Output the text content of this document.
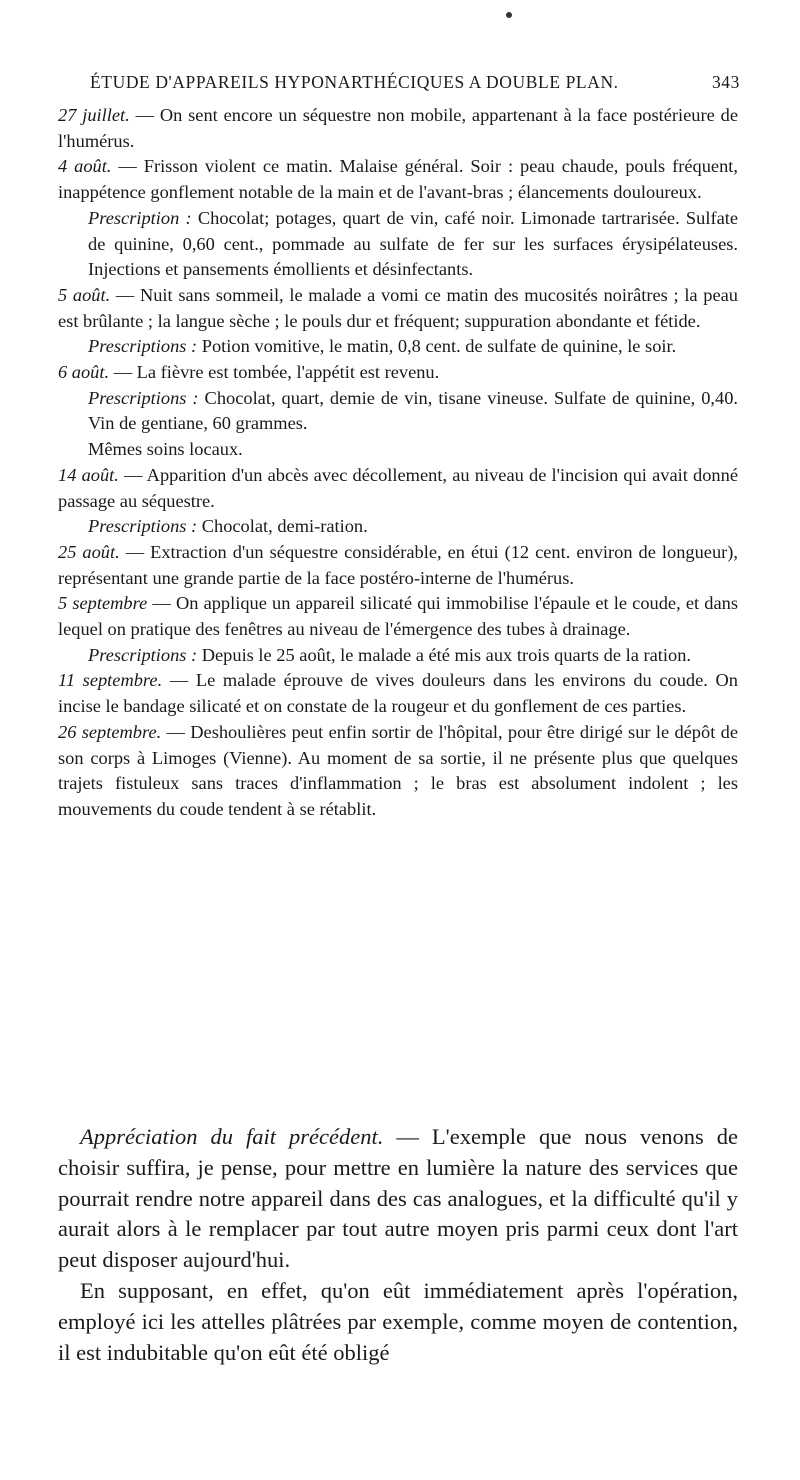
ÉTUDE D'APPAREILS HYPONARTHÉCIQUES A DOUBLE PLAN.	343

27 juillet. — On sent encore un séquestre non mobile, appartenant à la face postérieure de l'humérus.

4 août. — Frisson violent ce matin. Malaise général. Soir : peau chaude, pouls fréquent, inappétence gonflement notable de la main et de l'avant-bras ; élancements douloureux.

Prescription : Chocolat; potages, quart de vin, café noir. Limonade tartrarisée. Sulfate de quinine, 0,60 cent., pommade au sulfate de fer sur les surfaces érysipélateuses. Injections et pansements émollients et désinfectants.

5 août. — Nuit sans sommeil, le malade a vomi ce matin des mucosités noirâtres ; la peau est brûlante ; la langue sèche ; le pouls dur et fréquent; suppuration abondante et fétide.

Prescriptions : Potion vomitive, le matin, 0,8 cent. de sulfate de quinine, le soir.

6 août. — La fièvre est tombée, l'appétit est revenu.

Prescriptions : Chocolat, quart, demie de vin, tisane vineuse. Sulfate de quinine, 0,40. Vin de gentiane, 60 grammes.

Mêmes soins locaux.

14 août. — Apparition d'un abcès avec décollement, au niveau de l'incision qui avait donné passage au séquestre.

Prescriptions : Chocolat, demi-ration.

25 août. — Extraction d'un séquestre considérable, en étui (12 cent. environ de longueur), représentant une grande partie de la face postéro-interne de l'humérus.

5 septembre — On applique un appareil silicaté qui immobilise l'épaule et le coude, et dans lequel on pratique des fenêtres au niveau de l'émergence des tubes à drainage.

Prescriptions : Depuis le 25 août, le malade a été mis aux trois quarts de la ration.

11 septembre. — Le malade éprouve de vives douleurs dans les environs du coude. On incise le bandage silicaté et on constate de la rougeur et du gonflement de ces parties.

26 septembre. — Deshoulières peut enfin sortir de l'hôpital, pour être dirigé sur le dépôt de son corps à Limoges (Vienne). Au moment de sa sortie, il ne présente plus que quelques trajets fistuleux sans traces d'inflammation ; le bras est absolument indolent ; les mouvements du coude tendent à se rétablit.

Appréciation du fait précédent. — L'exemple que nous venons de choisir suffira, je pense, pour mettre en lumière la nature des services que pourrait rendre notre appareil dans des cas analogues, et la difficulté qu'il y aurait alors à le remplacer par tout autre moyen pris parmi ceux dont l'art peut disposer aujourd'hui.

En supposant, en effet, qu'on eût immédiatement après l'opération, employé ici les attelles plâtrées par exemple, comme moyen de contention, il est indubitable qu'on eût été obligé
